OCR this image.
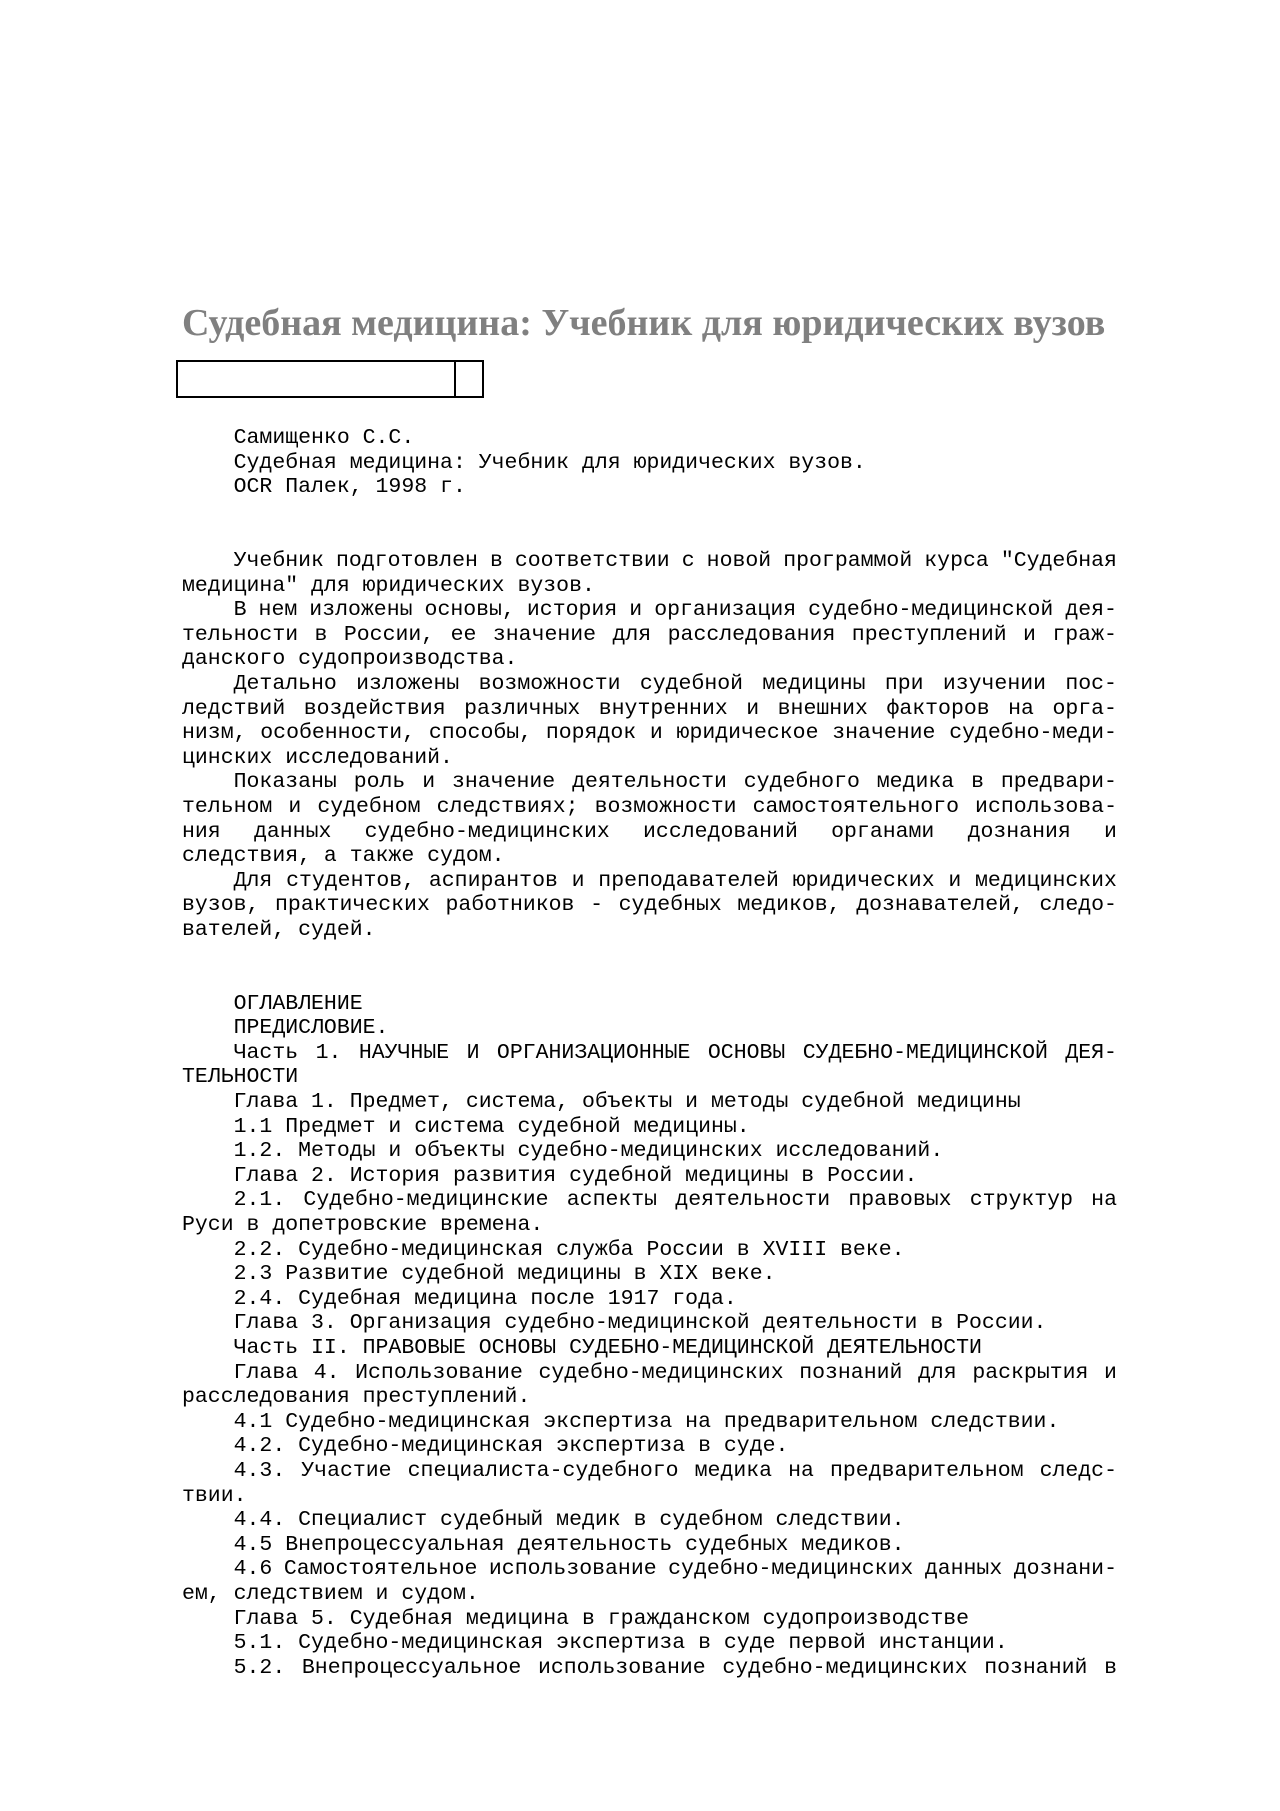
Судебная медицина: Учебник для юридических вузов
Самищенко С.С.
Судебная медицина: Учебник для юридических вузов.
OCR Палек, 1998 г.
Учебник подготовлен в соответствии с новой программой курса "Судебная
медицина" для юридических вузов.
В нем изложены основы, история и организация судебно-медицинской дея-
тельности в России, ее значение для расследования преступлений и граж-
данского судопроизводства.
Детально изложены возможности судебной медицины при изучении пос-
ледствий воздействия различных внутренних и внешних факторов на орга-
низм, особенности, способы, порядок и юридическое значение судебно-меди-
цинских исследований.
Показаны роль и значение деятельности судебного медика в предвари-
тельном и судебном следствиях; возможности самостоятельного использова-
ния данных судебно-медицинских исследований органами дознания и
следствия, а также судом.
Для студентов, аспирантов и преподавателей юридических и медицинских
вузов, практических работников - судебных медиков, дознавателей, следо-
вателей, судей.
ОГЛАВЛЕНИЕ
ПРЕДИСЛОВИЕ.
Часть 1. НАУЧНЫЕ И ОРГАНИЗАЦИОННЫЕ ОСНОВЫ СУДЕБНО-МЕДИЦИНСКОЙ ДЕЯ-
ТЕЛЬНОСТИ
Глава 1. Предмет, система, объекты и методы судебной медицины
1.1 Предмет и система судебной медицины.
1.2. Методы и объекты судебно-медицинских исследований.
Глава 2. История развития судебной медицины в России.
2.1. Судебно-медицинские аспекты деятельности правовых структур на
Руси в допетровские времена.
2.2. Судебно-медицинская служба России в XVIII веке.
2.3 Развитие судебной медицины в XIX веке.
2.4. Судебная медицина после 1917 года.
Глава 3. Организация судебно-медицинской деятельности в России.
Часть II. ПРАВОВЫЕ ОСНОВЫ СУДЕБНО-МЕДИЦИНСКОЙ ДЕЯТЕЛЬНОСТИ
Глава 4. Использование судебно-медицинских познаний для раскрытия и
расследования преступлений.
4.1 Судебно-медицинская экспертиза на предварительном следствии.
4.2. Судебно-медицинская экспертиза в суде.
4.3. Участие специалиста-судебного медика на предварительном следс-
твии.
4.4. Специалист судебный медик в судебном следствии.
4.5 Внепроцессуальная деятельность судебных медиков.
4.6 Самостоятельное использование судебно-медицинских данных дознани-
ем, следствием и судом.
Глава 5. Судебная медицина в гражданском судопроизводстве
5.1. Судебно-медицинская экспертиза в суде первой инстанции.
5.2. Внепроцессуальное использование судебно-медицинских познаний в
